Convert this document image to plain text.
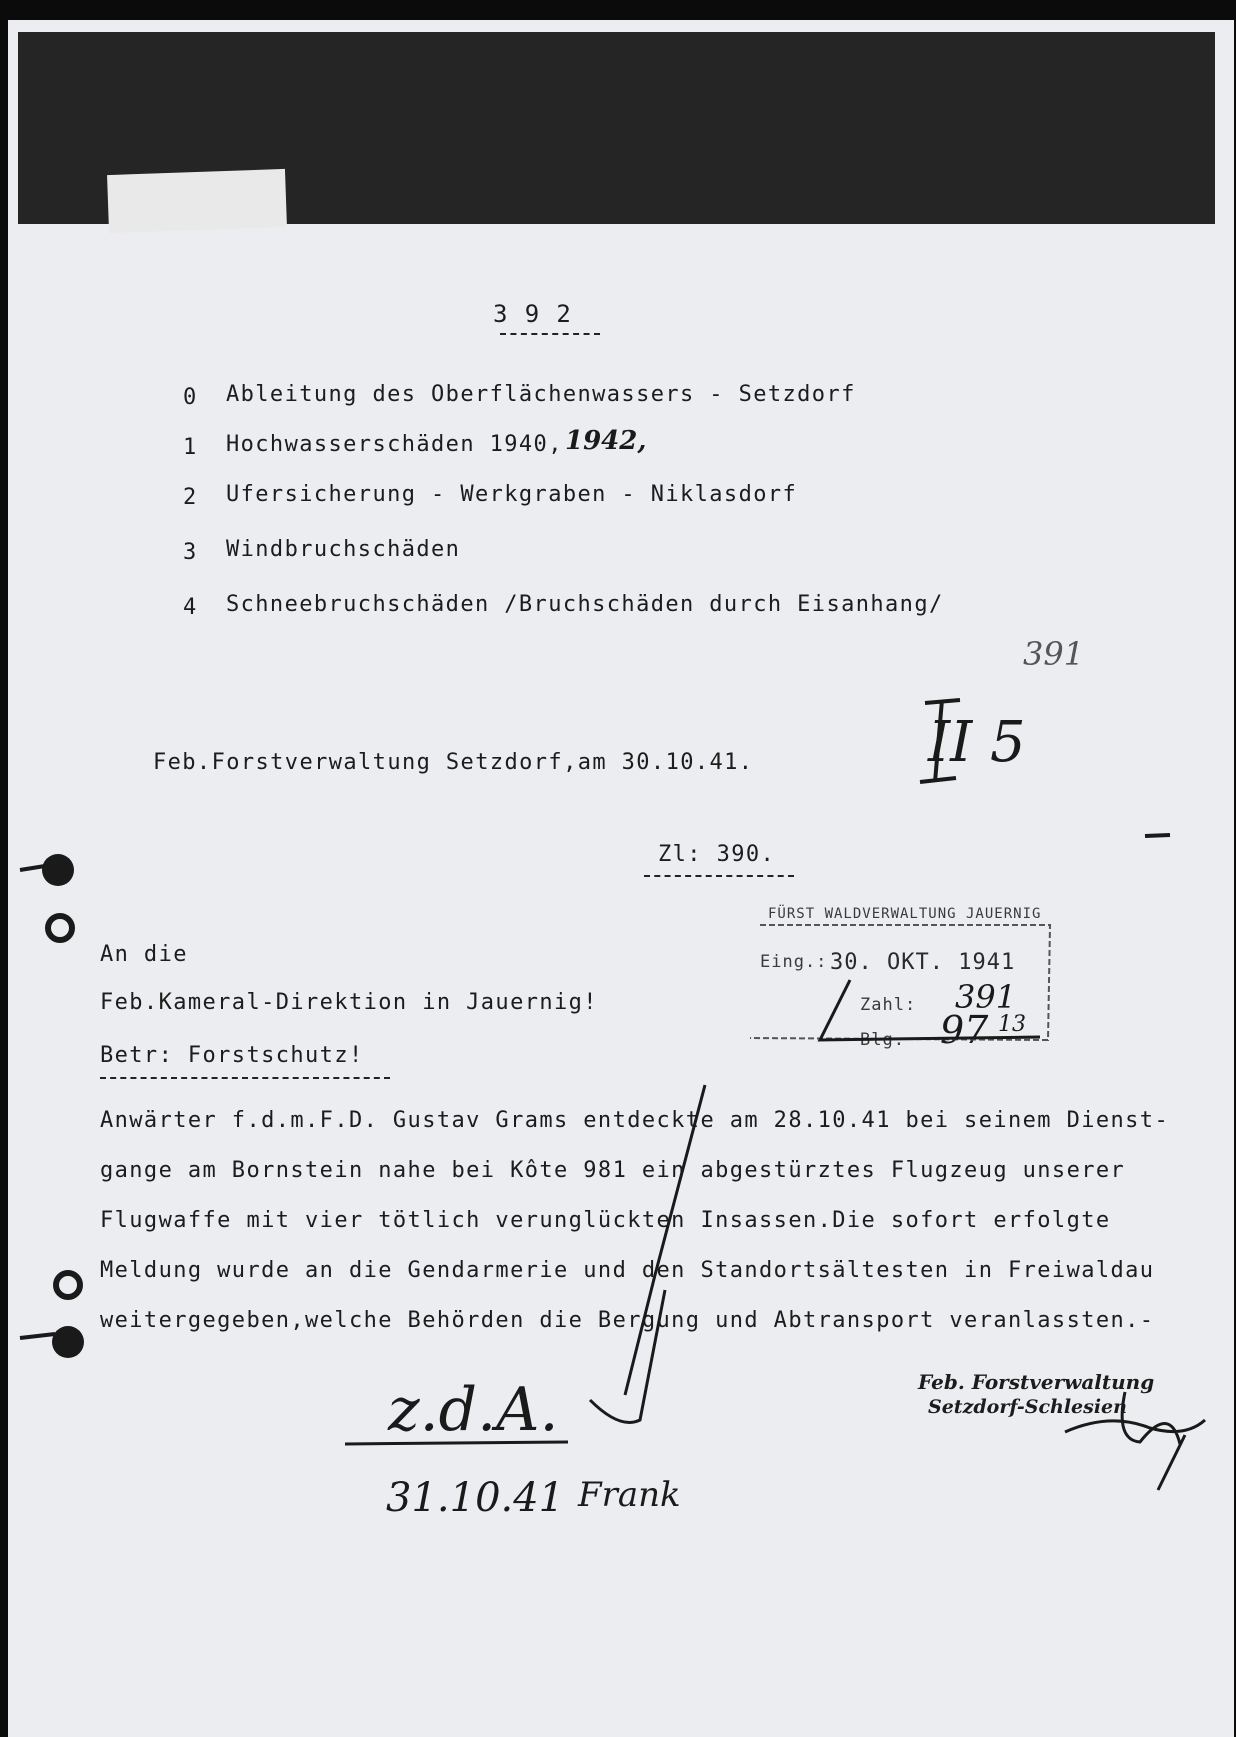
3 9 2
0 Ableitung des Oberflächenwassers - Setzdorf
1 Hochwasserschäden 1940, 1942,
2 Ufersicherung - Werkgraben - Niklasdorf
3 Windbruchschäden
4 Schneebruchschäden /Bruchschäden durch Eisanhang/
391
Feb.Forstverwaltung Setzdorf,am 30.10.41.	II 5
Zl: 390.
FÜRST WALDVERWALTUNG JAUERNIG
Eing.: 30. OKT. 1941
Zahl: 391
Blg. 97 13
An die
Feb.Kameral-Direktion in Jauernig!
Betr: Forstschutz!
Anwärter f.d.m.F.D. Gustav Grams entdeckte am 28.10.41 bei seinem Dienst-
gange am Bornstein nahe bei Kôte 981 ein abgestürztes Flugzeug unserer
Flugwaffe mit vier tötlich verunglückten Insassen.Die sofort erfolgte
Meldung wurde an die Gendarmerie und den Standortsältesten in Freiwaldau
weitergegeben,welche Behörden die Bergung und Abtransport veranlassten.-
Feb. Forstverwaltung
Setzdorf-Schlesien
z.d.A.
31.10.41 Frank
